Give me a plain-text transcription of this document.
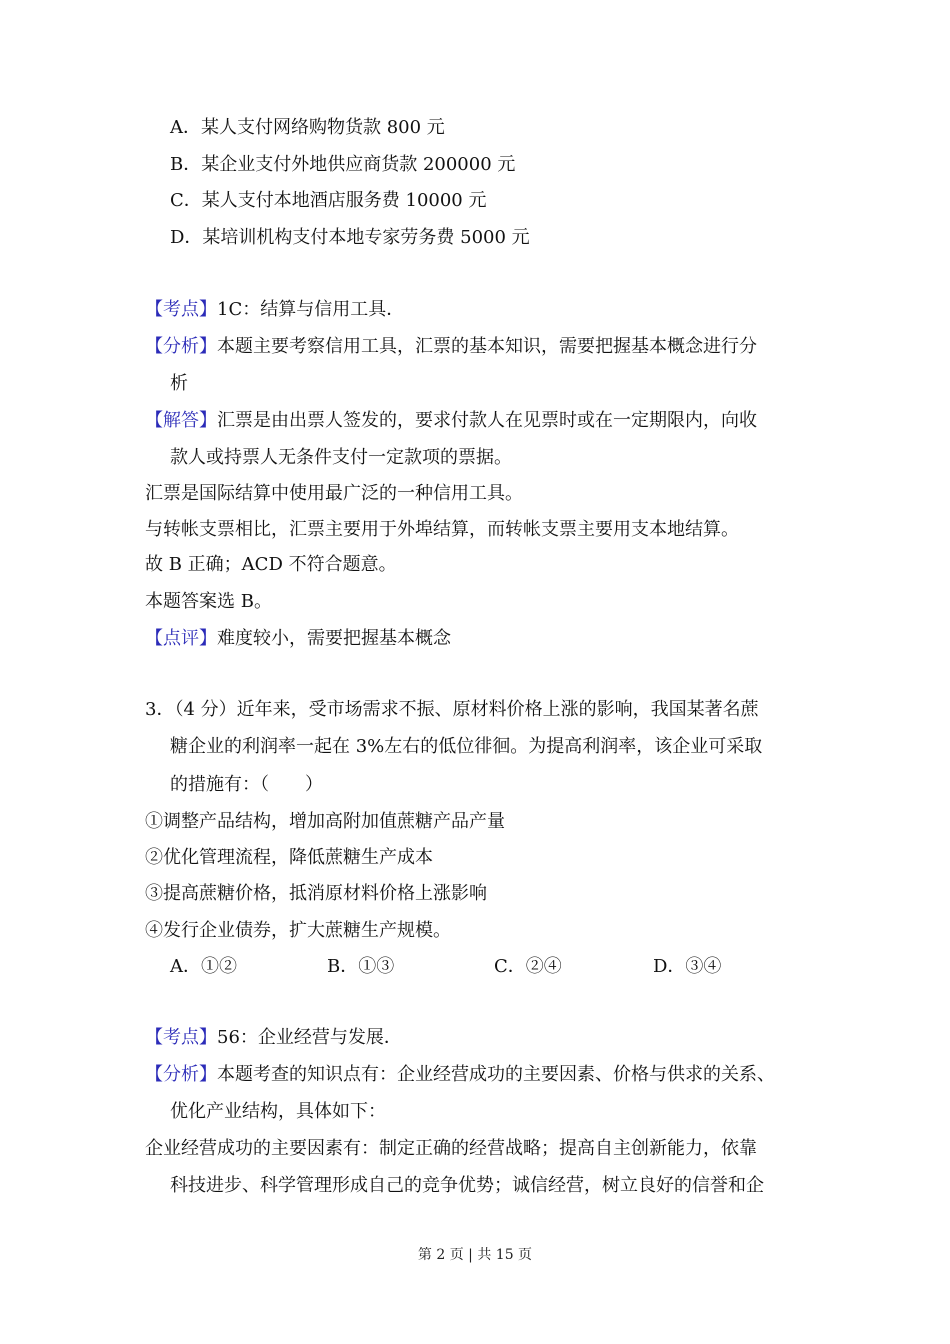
第 2 页 | 共 15 页
A．某人支付网络购物货款 800 元
B．某企业支付外地供应商货款 200000 元
C．某人支付本地酒店服务费 10000 元
D．某培训机构支付本地专家劳务费 5000 元
【考点】1C：结算与信用工具．
【分析】本题主要考察信用工具，汇票的基本知识，需要把握基本概念进行分
析
【解答】汇票是由出票人签发的，要求付款人在见票时或在一定期限内，向收
款人或持票人无条件支付一定款项的票据。
汇票是国际结算中使用最广泛的一种信用工具。
与转帐支票相比，汇票主要用于外埠结算，而转帐支票主要用支本地结算。
故 B 正确；ACD 不符合题意。
本题答案选 B。
【点评】难度较小，需要把握基本概念
3．（4 分）近年来，受市场需求不振、原材料价格上涨的影响，我国某著名蔗
糖企业的利润率一起在 3%左右的低位徘徊。为提高利润率，该企业可采取
的措施有：（　　）
①调整产品结构，增加高附加值蔗糖产品产量
②优化管理流程，降低蔗糖生产成本
③提高蔗糖价格，抵消原材料价格上涨影响
④发行企业债券，扩大蔗糖生产规模。
A．①②	B．①③	C．②④	D．③④
【考点】56：企业经营与发展．
【分析】本题考查的知识点有：企业经营成功的主要因素、价格与供求的关系、
优化产业结构，具体如下：
企业经营成功的主要因素有：制定正确的经营战略；提高自主创新能力，依靠
科技进步、科学管理形成自己的竞争优势；诚信经营，树立良好的信誉和企
